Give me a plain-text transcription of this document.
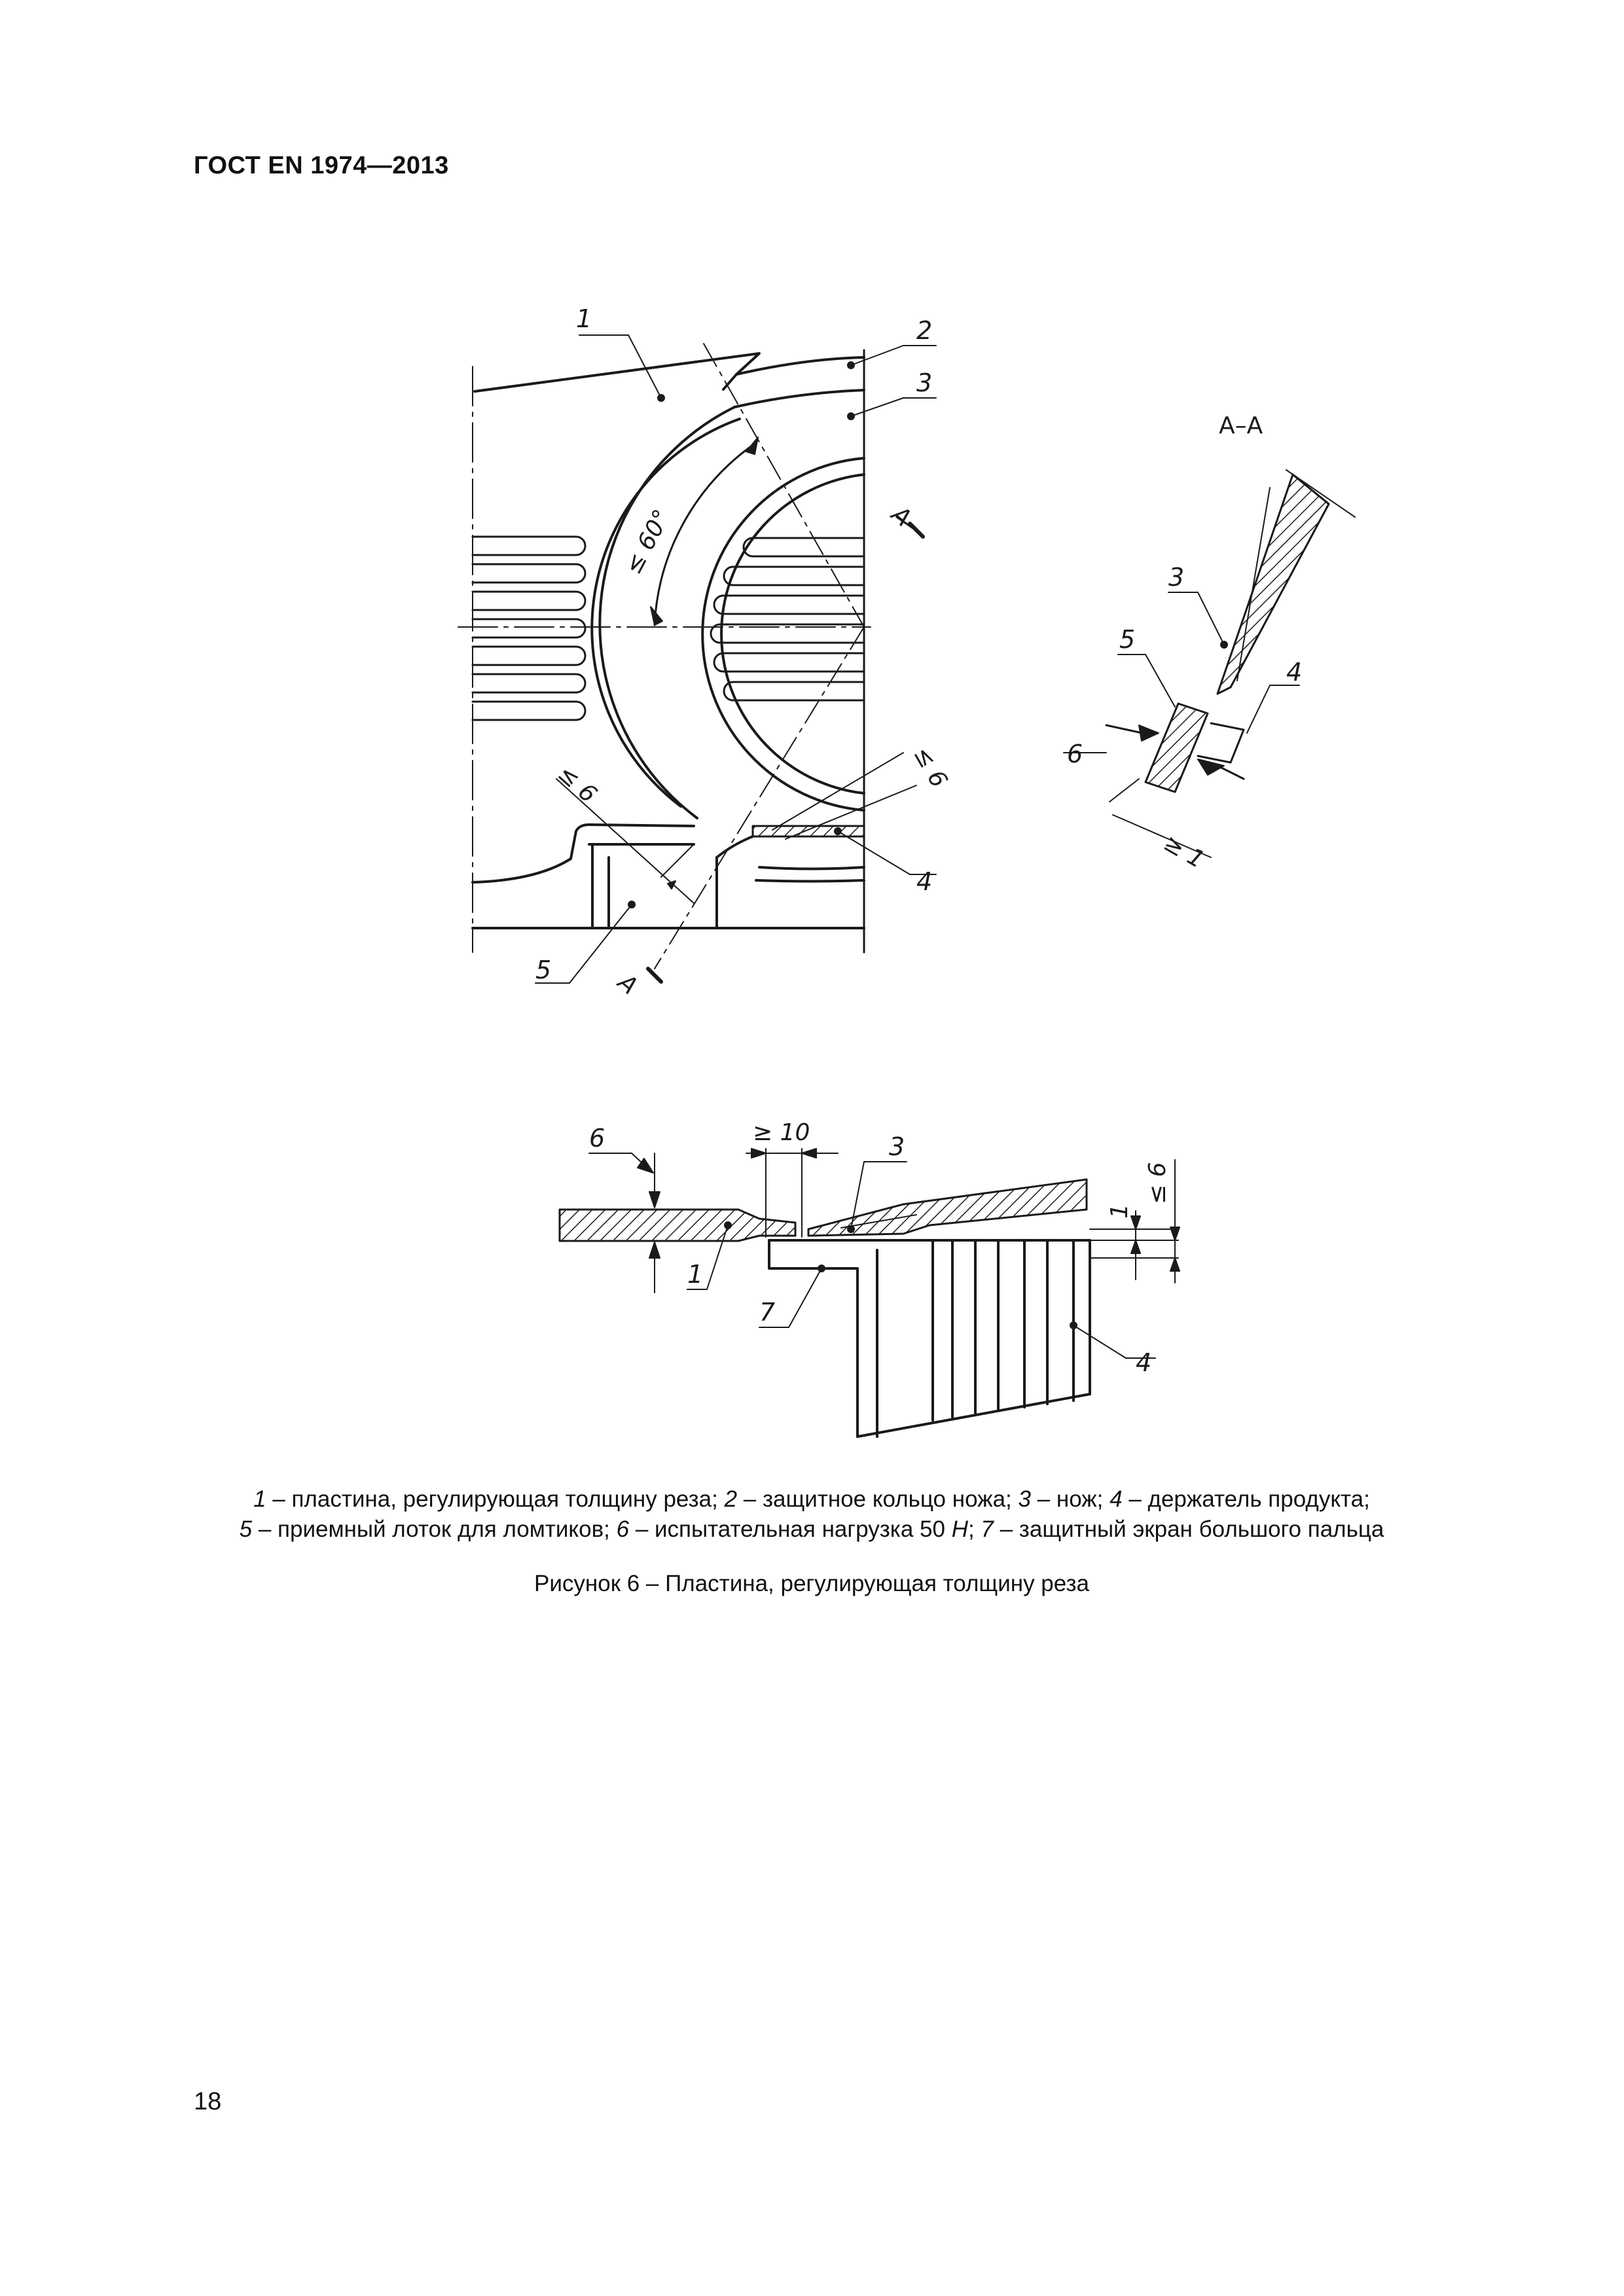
ГОСТ EN 1974—2013
1	2
3
4
5
А
А
≤ 60°
≤ 6	≤ 6
А–А
3
5
4
6
≥ 1
6	≥ 10	3
≤ 6
1
1
7
4
1 – пластина, регулирующая толщину реза; 2 – защитное кольцо ножа; 3 – нож; 4 – держатель продукта;
5 – приемный лоток для ломтиков; 6 – испытательная нагрузка 50 Н; 7 – защитный экран большого пальца
Рисунок 6 – Пластина, регулирующая толщину реза
18
